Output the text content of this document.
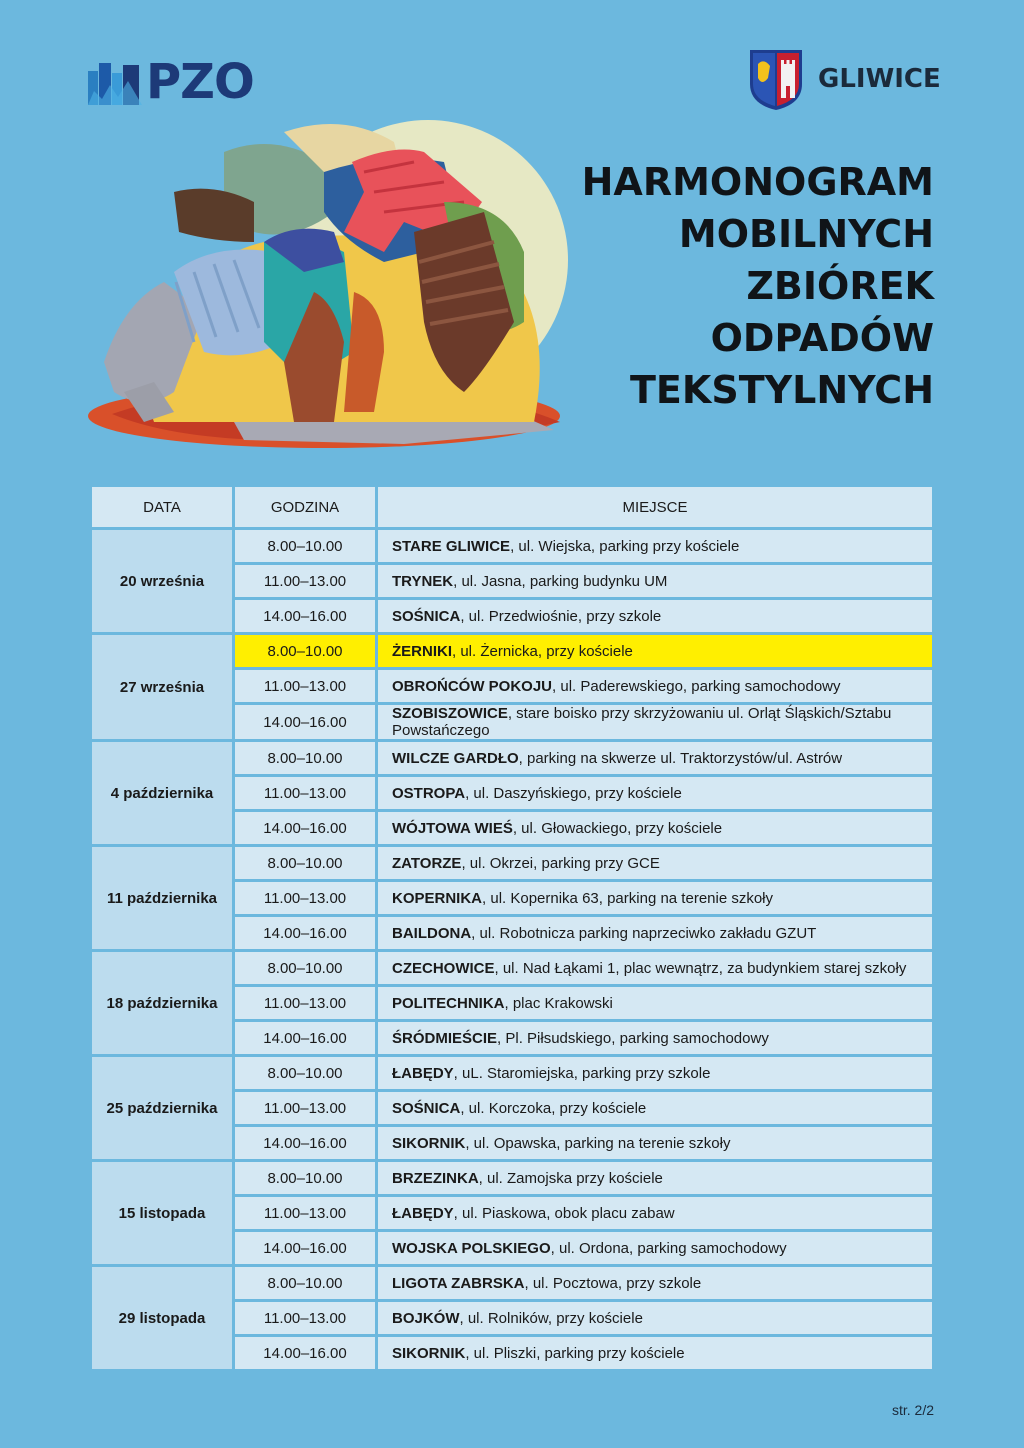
PZO	GLIWICE
HARMONOGRAM
MOBILNYCH
ZBIÓREK
ODPADÓW
TEKSTYLNYCH
DATA	GODZINA	MIEJSCE
20 września	8.00–10.00	STARE GLIWICE, ul. Wiejska, parking przy kościele
	11.00–13.00	TRYNEK, ul. Jasna, parking budynku UM
	14.00–16.00	SOŚNICA, ul. Przedwiośnie, przy szkole
27 września	8.00–10.00	ŻERNIKI, ul. Żernicka, przy kościele
	11.00–13.00	OBROŃCÓW POKOJU, ul. Paderewskiego, parking samochodowy
	14.00–16.00	SZOBISZOWICE, stare boisko przy skrzyżowaniu ul. Orląt Śląskich/Sztabu Powstańczego
4 października	8.00–10.00	WILCZE GARDŁO, parking na skwerze ul. Traktorzystów/ul. Astrów
	11.00–13.00	OSTROPA, ul. Daszyńskiego, przy kościele
	14.00–16.00	WÓJTOWA WIEŚ, ul. Głowackiego, przy kościele
11 października	8.00–10.00	ZATORZE, ul. Okrzei, parking przy GCE
	11.00–13.00	KOPERNIKA, ul. Kopernika 63, parking na terenie szkoły
	14.00–16.00	BAILDONA, ul. Robotnicza parking naprzeciwko zakładu GZUT
18 października	8.00–10.00	CZECHOWICE, ul. Nad Łąkami 1, plac wewnątrz, za budynkiem starej szkoły
	11.00–13.00	POLITECHNIKA, plac Krakowski
	14.00–16.00	ŚRÓDMIEŚCIE, Pl. Piłsudskiego, parking samochodowy
25 października	8.00–10.00	ŁABĘDY, uL. Staromiejska, parking przy szkole
	11.00–13.00	SOŚNICA, ul. Korczoka, przy kościele
	14.00–16.00	SIKORNIK, ul. Opawska, parking na terenie szkoły
15 listopada	8.00–10.00	BRZEZINKA, ul. Zamojska przy kościele
	11.00–13.00	ŁABĘDY, ul. Piaskowa, obok placu zabaw
	14.00–16.00	WOJSKA POLSKIEGO, ul. Ordona, parking samochodowy
29 listopada	8.00–10.00	LIGOTA ZABRSKA, ul. Pocztowa, przy szkole
	11.00–13.00	BOJKÓW, ul. Rolników, przy kościele
	14.00–16.00	SIKORNIK, ul. Pliszki, parking przy kościele
str. 2/2
